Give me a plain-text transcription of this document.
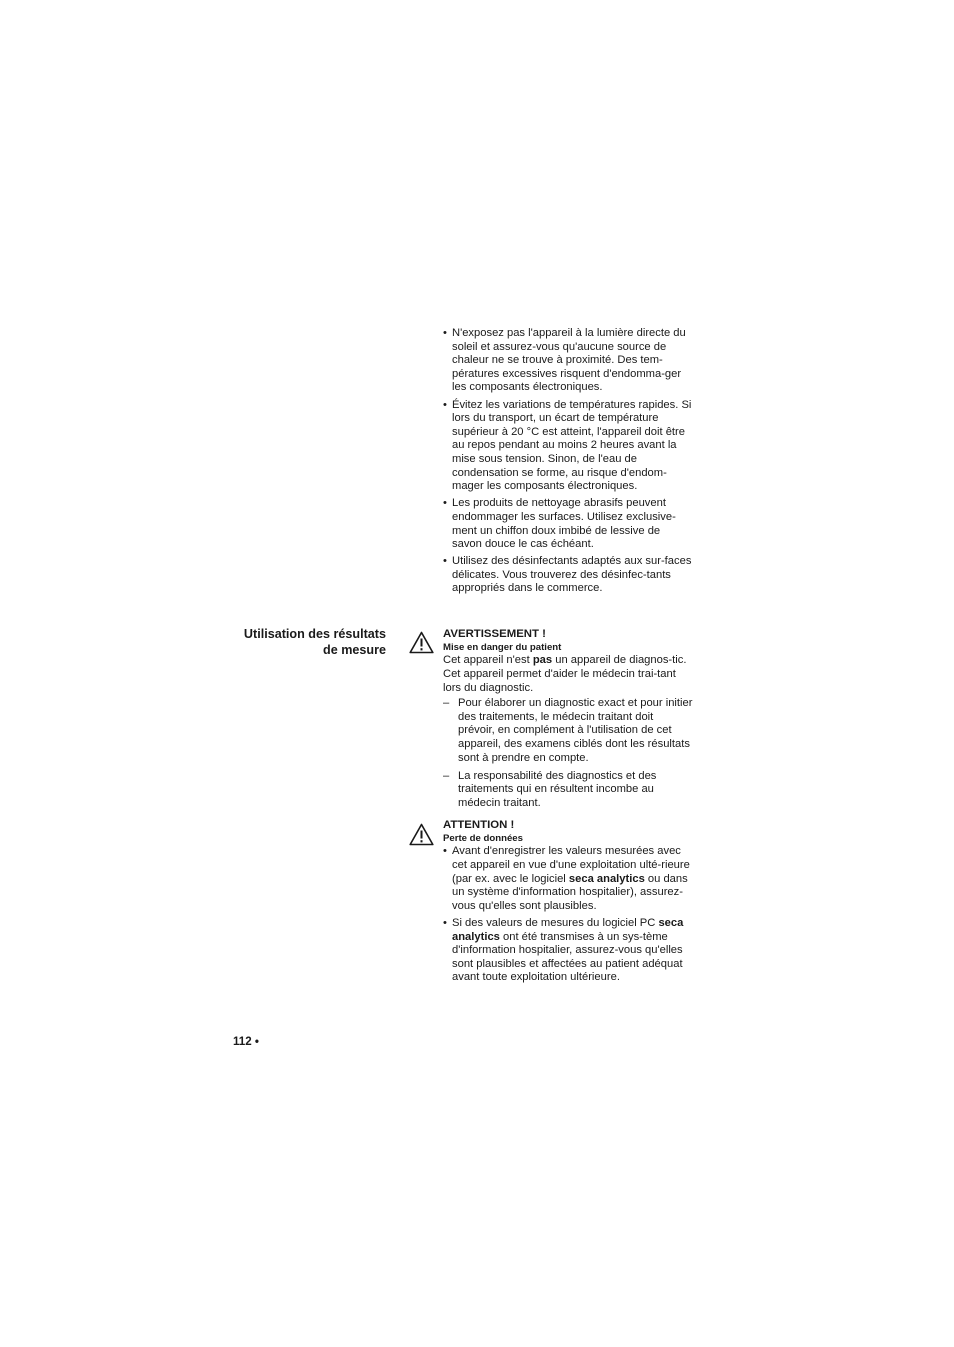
• N'exposez pas l'appareil à la lumière directe du soleil et assurez-vous qu'aucune source de chaleur ne se trouve à proximité. Des tem-pératures excessives risquent d'endomma-ger les composants électroniques.
• Évitez les variations de températures rapides. Si lors du transport, un écart de température supérieur à 20 °C est atteint, l'appareil doit être au repos pendant au moins 2 heures avant la mise sous tension. Sinon, de l'eau de condensation se forme, au risque d'endom-mager les composants électroniques.
• Les produits de nettoyage abrasifs peuvent endommager les surfaces. Utilisez exclusive-ment un chiffon doux imbibé de lessive de savon douce le cas échéant.
• Utilisez des désinfectants adaptés aux sur-faces délicates. Vous trouverez des désinfec-tants appropriés dans le commerce.
Utilisation des résultats
de mesure
AVERTISSEMENT !
Mise en danger du patient
Cet appareil n'est pas un appareil de diagnos-tic. Cet appareil permet d'aider le médecin trai-tant lors du diagnostic.
– Pour élaborer un diagnostic exact et pour initier des traitements, le médecin traitant doit prévoir, en complément à l'utilisation de cet appareil, des examens ciblés dont les résultats sont à prendre en compte.
– La responsabilité des diagnostics et des traitements qui en résultent incombe au médecin traitant.
ATTENTION !
Perte de données
• Avant d'enregistrer les valeurs mesurées avec cet appareil en vue d'une exploitation ulté-rieure (par ex. avec le logiciel seca analytics ou dans un système d'information hospitalier), assurez-vous qu'elles sont plausibles.
• Si des valeurs de mesures du logiciel PC seca analytics ont été transmises à un sys-tème d'information hospitalier, assurez-vous qu'elles sont plausibles et affectées au patient adéquat avant toute exploitation ultérieure.
112 •
